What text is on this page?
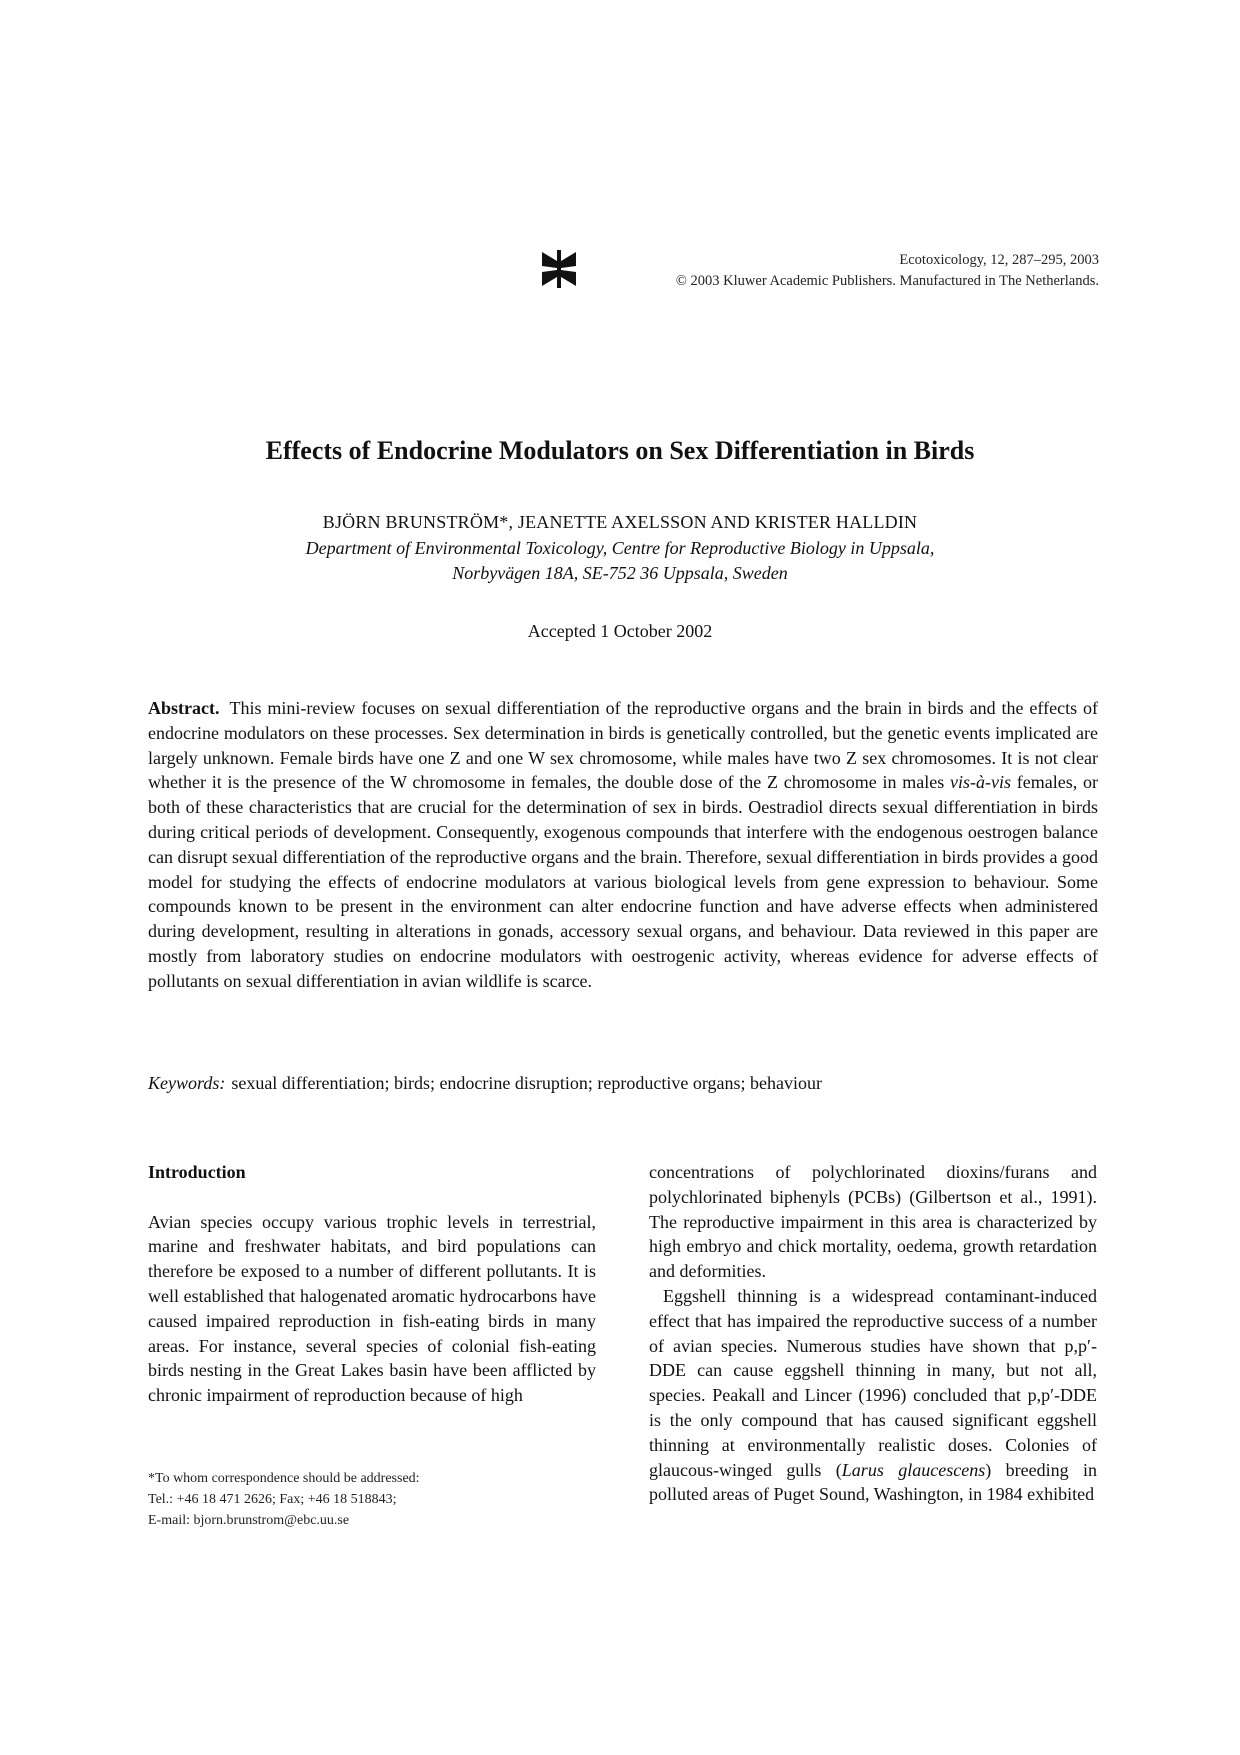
Ecotoxicology, 12, 287–295, 2003
© 2003 Kluwer Academic Publishers. Manufactured in The Netherlands.
Effects of Endocrine Modulators on Sex Differentiation in Birds
BJÖRN BRUNSTRÖM*, JEANETTE AXELSSON AND KRISTER HALLDIN
Department of Environmental Toxicology, Centre for Reproductive Biology in Uppsala,
Norbyvägen 18A, SE-752 36 Uppsala, Sweden
Accepted 1 October 2002

Abstract. This mini-review focuses on sexual differentiation of the reproductive organs and the brain in birds and the effects of endocrine modulators on these processes. Sex determination in birds is genetically controlled, but the genetic events implicated are largely unknown. Female birds have one Z and one W sex chromosome, while males have two Z sex chromosomes. It is not clear whether it is the presence of the W chromosome in females, the double dose of the Z chromosome in males vis-à-vis females, or both of these characteristics that are crucial for the determination of sex in birds. Oestradiol directs sexual differentiation in birds during critical periods of development. Consequently, exogenous compounds that interfere with the endogenous oestrogen balance can disrupt sexual differentiation of the reproductive organs and the brain. Therefore, sexual differentiation in birds provides a good model for studying the effects of endocrine modulators at various biological levels from gene expression to behaviour. Some compounds known to be present in the environment can alter endocrine function and have adverse effects when administered during development, resulting in alterations in gonads, accessory sexual organs, and behaviour. Data reviewed in this paper are mostly from laboratory studies on endocrine modulators with oestrogenic activity, whereas evidence for adverse effects of pollutants on sexual differentiation in avian wildlife is scarce.

Keywords: sexual differentiation; birds; endocrine disruption; reproductive organs; behaviour

Introduction

Avian species occupy various trophic levels in terrestrial, marine and freshwater habitats, and bird populations can therefore be exposed to a number of different pollutants. It is well established that halogenated aromatic hydrocarbons have caused impaired reproduction in fish-eating birds in many areas. For instance, several species of colonial fish-eating birds nesting in the Great Lakes basin have been afflicted by chronic impairment of reproduction because of high

*To whom correspondence should be addressed:
Tel.: +46 18 471 2626; Fax; +46 18 518843;
E-mail: bjorn.brunstrom@ebc.uu.se

concentrations of polychlorinated dioxins/furans and polychlorinated biphenyls (PCBs) (Gilbertson et al., 1991). The reproductive impairment in this area is characterized by high embryo and chick mortality, oedema, growth retardation and deformities.

Eggshell thinning is a widespread contaminant-induced effect that has impaired the reproductive success of a number of avian species. Numerous studies have shown that p,p′-DDE can cause eggshell thinning in many, but not all, species. Peakall and Lincer (1996) concluded that p,p′-DDE is the only compound that has caused significant eggshell thinning at environmentally realistic doses. Colonies of glaucous-winged gulls (Larus glaucescens) breeding in polluted areas of Puget Sound, Washington, in 1984 exhibited
